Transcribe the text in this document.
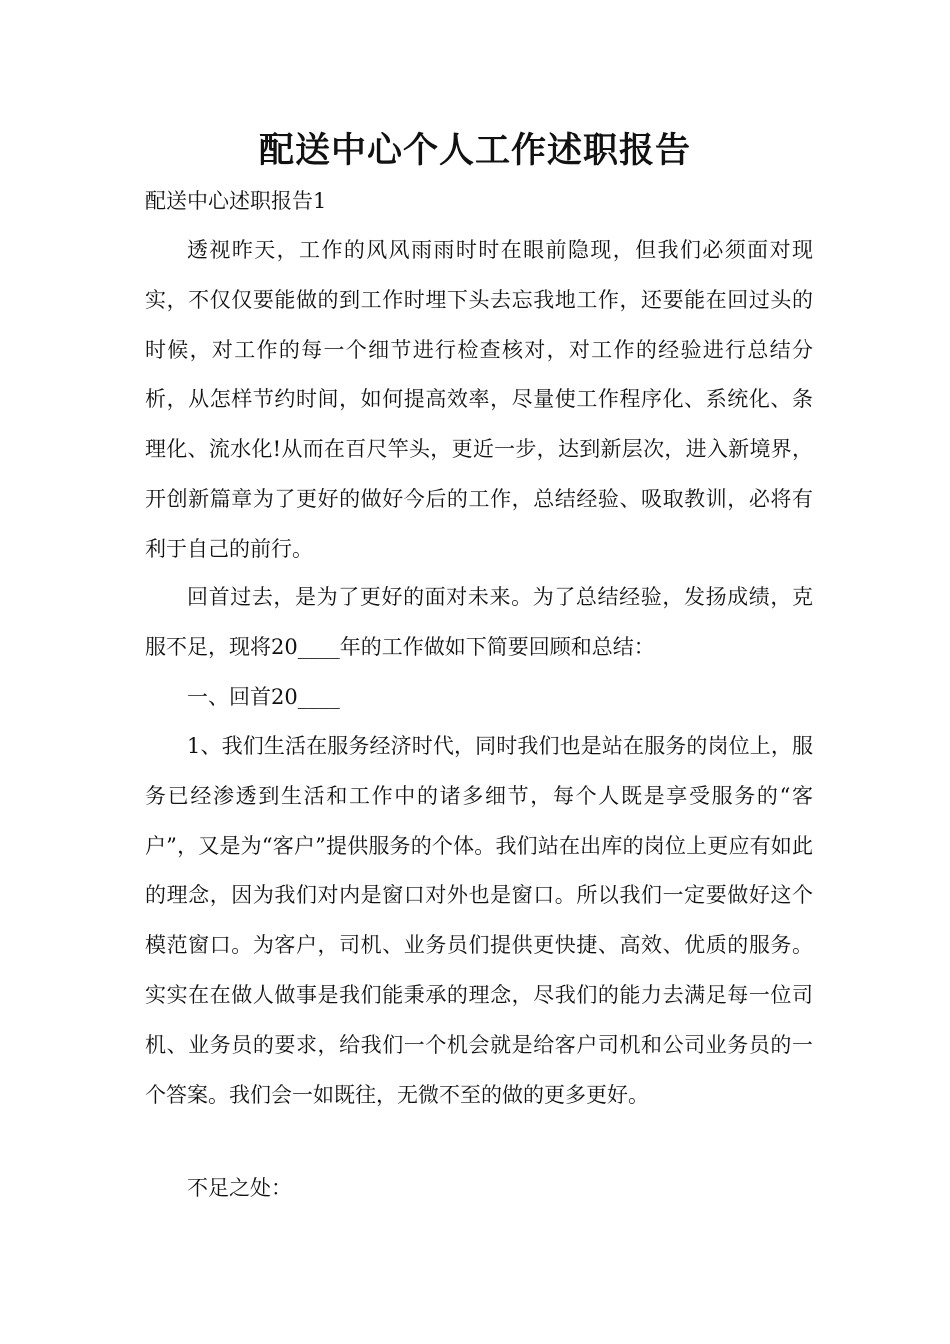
配送中心个人工作述职报告
配送中心述职报告1

透视昨天，工作的风风雨雨时时在眼前隐现，但我们必须面对现实，不仅仅要能做的到工作时埋下头去忘我地工作，还要能在回过头的时候，对工作的每一个细节进行检查核对，对工作的经验进行总结分析，从怎样节约时间，如何提高效率，尽量使工作程序化、系统化、条理化、流水化!从而在百尺竿头，更近一步，达到新层次，进入新境界，开创新篇章为了更好的做好今后的工作，总结经验、吸取教训，必将有利于自己的前行。

回首过去，是为了更好的面对未来。为了总结经验，发扬成绩，克服不足，现将20____年的工作做如下简要回顾和总结：

一、回首20____

1、我们生活在服务经济时代，同时我们也是站在服务的岗位上，服务已经渗透到生活和工作中的诸多细节，每个人既是享受服务的“客户”，又是为“客户”提供服务的个体。我们站在出库的岗位上更应有如此的理念，因为我们对内是窗口对外也是窗口。所以我们一定要做好这个模范窗口。为客户，司机、业务员们提供更快捷、高效、优质的服务。实实在在做人做事是我们能秉承的理念，尽我们的能力去满足每一位司机、业务员的要求，给我们一个机会就是给客户司机和公司业务员的一个答案。我们会一如既往，无微不至的做的更多更好。

不足之处：
